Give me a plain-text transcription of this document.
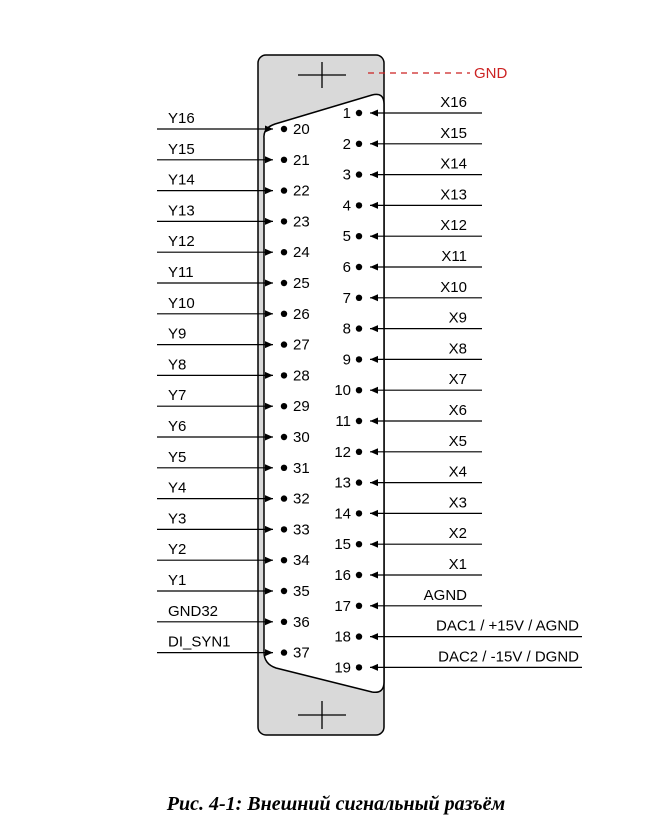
GND
Y16
20
Y15
21
Y14
22
Y13
23
Y12
24
Y11
25
Y10
26
Y9
27
Y8
28
Y7
29
Y6
30
Y5
31
Y4
32
Y3
33
Y2
34
Y1
35
GND32
36
DI_SYN1
37
1
X16
2
X15
3
X14
4
X13
5
X12
6
X11
7
X10
8
X9
9
X8
10
X7
11
X6
12
X5
13
X4
14
X3
15
X2
16
X1
17
AGND
18
DAC1 / +15V / AGND
19
DAC2 / -15V / DGND
Рис. 4-1: Внешний сигнальный разъём
